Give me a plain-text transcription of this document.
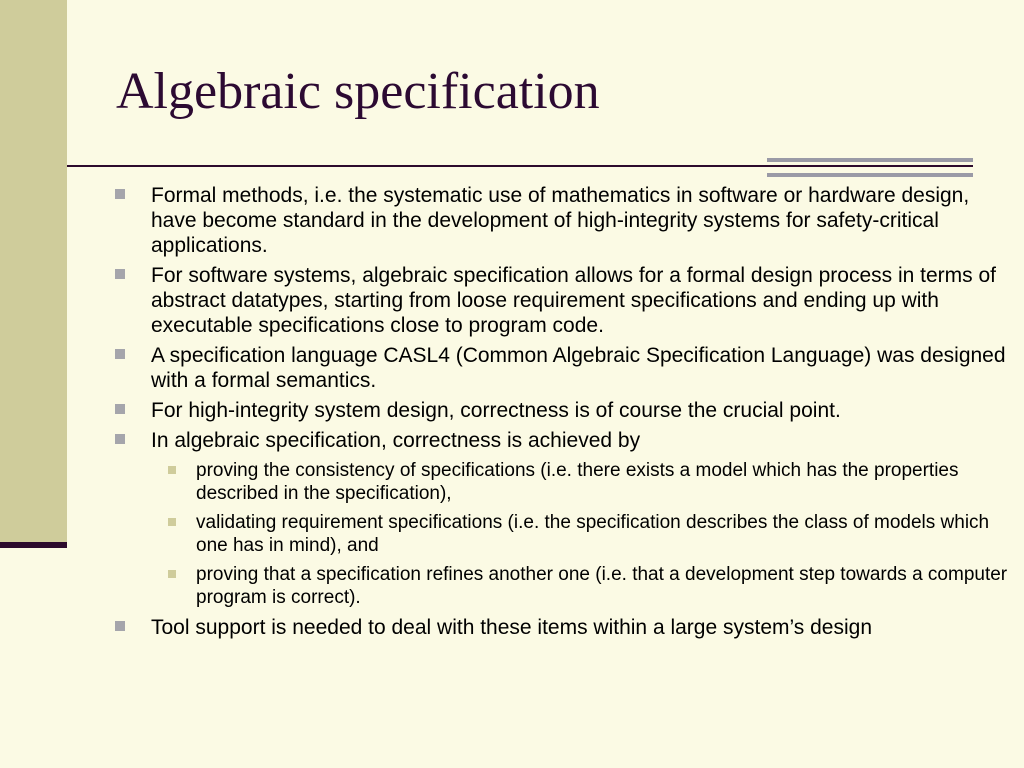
Algebraic specification
Formal methods, i.e. the systematic use of mathematics in software or hardware design, have become standard in the development of high-integrity systems for safety-critical applications.
For software systems, algebraic specification allows for a formal design process in terms of abstract datatypes, starting from loose requirement specifications and ending up with executable specifications close to program code.
A specification language CASL4 (Common Algebraic Specification Language) was designed with a formal semantics.
For high-integrity system design, correctness is of course the crucial point.
In algebraic specification, correctness is achieved by
proving the consistency of specifications (i.e. there exists a model which has the properties described in the specification),
validating requirement specifications (i.e. the specification describes the class of models which one has in mind), and
proving that a specification refines another one (i.e. that a development step towards a computer program is correct).
Tool support is needed to deal with these items within a large system’s design
